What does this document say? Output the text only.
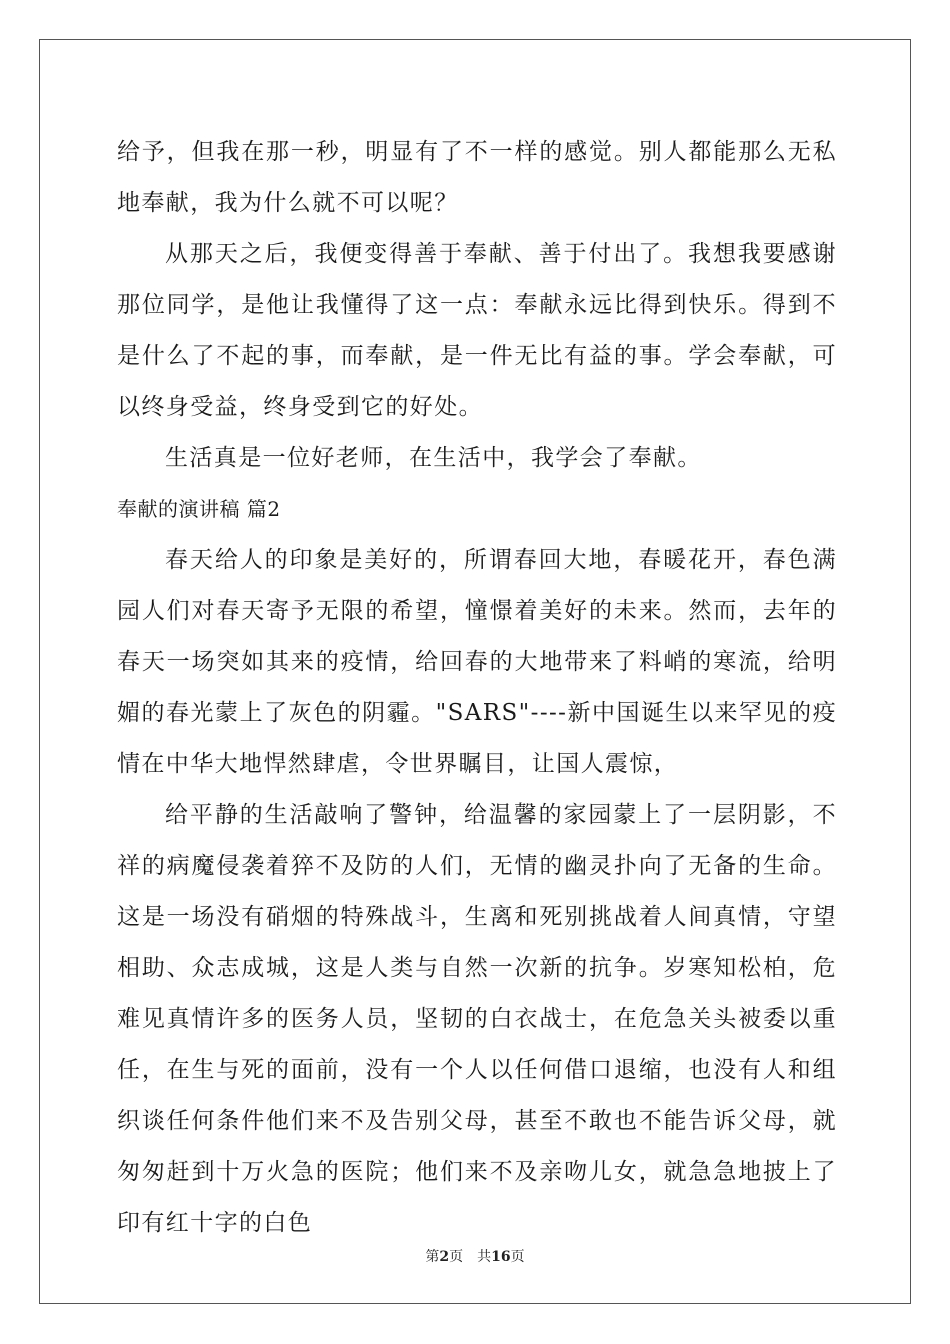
给予，但我在那一秒，明显有了不一样的感觉。别人都能那么无私地奉献，我为什么就不可以呢？

从那天之后，我便变得善于奉献、善于付出了。我想我要感谢那位同学，是他让我懂得了这一点：奉献永远比得到快乐。得到不是什么了不起的事，而奉献，是一件无比有益的事。学会奉献，可以终身受益，终身受到它的好处。

生活真是一位好老师，在生活中，我学会了奉献。

奉献的演讲稿 篇2

春天给人的印象是美好的，所谓春回大地，春暖花开，春色满园人们对春天寄予无限的希望，憧憬着美好的未来。然而，去年的春天一场突如其来的疫情，给回春的大地带来了料峭的寒流，给明媚的春光蒙上了灰色的阴霾。"SARS"----新中国诞生以来罕见的疫情在中华大地悍然肆虐，令世界瞩目，让国人震惊，

给平静的生活敲响了警钟，给温馨的家园蒙上了一层阴影，不祥的病魔侵袭着猝不及防的人们，无情的幽灵扑向了无备的生命。这是一场没有硝烟的特殊战斗，生离和死别挑战着人间真情，守望相助、众志成城，这是人类与自然一次新的抗争。岁寒知松柏，危难见真情许多的医务人员，坚韧的白衣战士，在危急关头被委以重任，在生与死的面前，没有一个人以任何借口退缩，也没有人和组织谈任何条件他们来不及告别父母，甚至不敢也不能告诉父母，就匆匆赶到十万火急的医院；他们来不及亲吻儿女，就急急地披上了印有红十字的白色

第2页 共16页
